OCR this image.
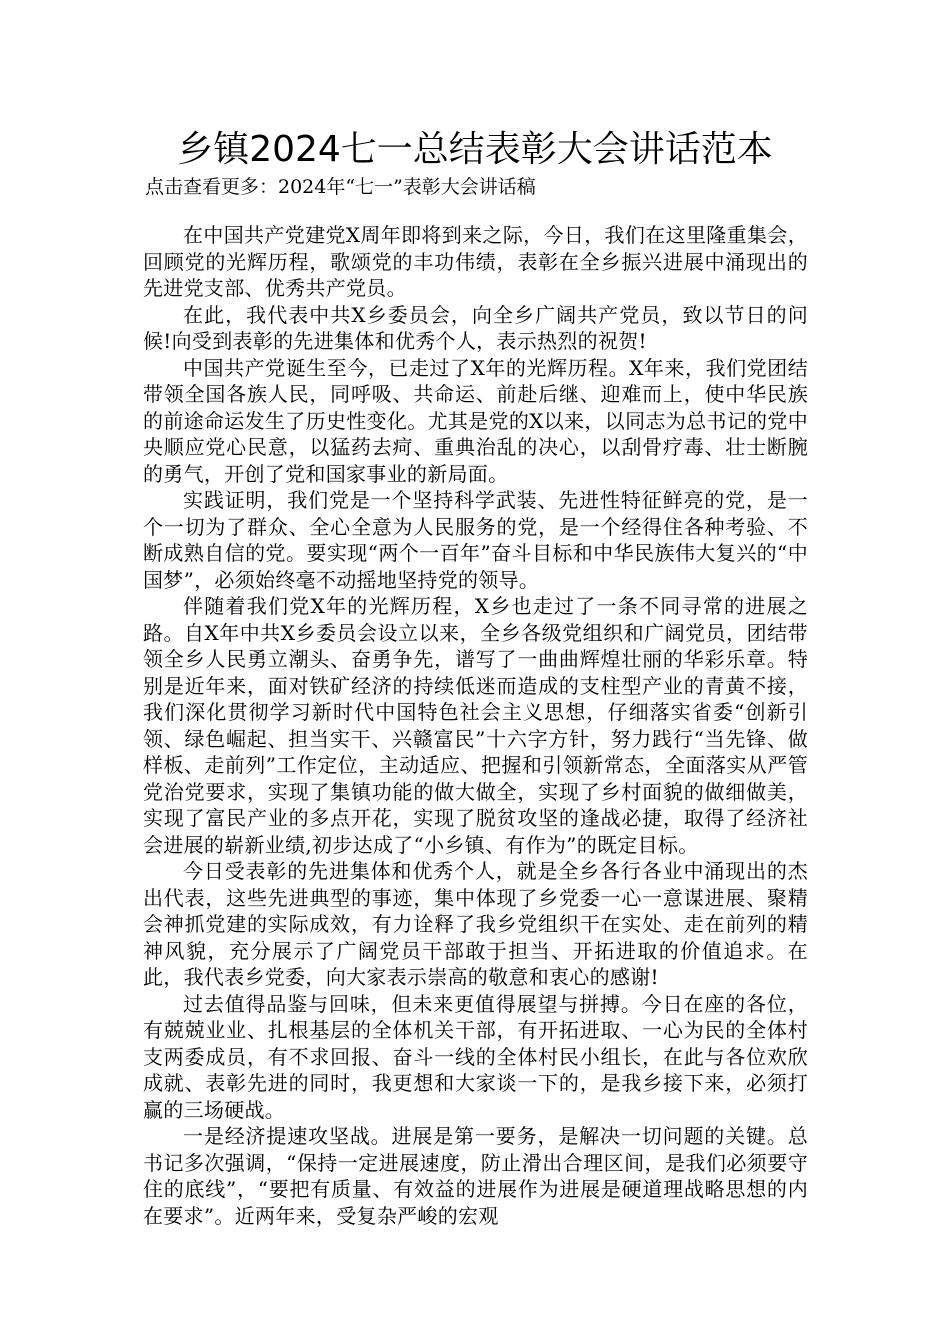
乡镇2024七一总结表彰大会讲话范本
点击查看更多：2024年“七一”表彰大会讲话稿

在中国共产党建党X周年即将到来之际，今日，我们在这里隆重集会，回顾党的光辉历程，歌颂党的丰功伟绩，表彰在全乡振兴进展中涌现出的先进党支部、优秀共产党员。

在此，我代表中共X乡委员会，向全乡广阔共产党员，致以节日的问候!向受到表彰的先进集体和优秀个人，表示热烈的祝贺!

中国共产党诞生至今，已走过了X年的光辉历程。X年来，我们党团结带领全国各族人民，同呼吸、共命运、前赴后继、迎难而上，使中华民族的前途命运发生了历史性变化。尤其是党的X以来，以同志为总书记的党中央顺应党心民意，以猛药去疴、重典治乱的决心，以刮骨疗毒、壮士断腕的勇气，开创了党和国家事业的新局面。

实践证明，我们党是一个坚持科学武装、先进性特征鲜亮的党，是一个一切为了群众、全心全意为人民服务的党，是一个经得住各种考验、不断成熟自信的党。要实现“两个一百年”奋斗目标和中华民族伟大复兴的“中国梦”，必须始终毫不动摇地坚持党的领导。

伴随着我们党X年的光辉历程，X乡也走过了一条不同寻常的进展之路。自X年中共X乡委员会设立以来，全乡各级党组织和广阔党员，团结带领全乡人民勇立潮头、奋勇争先，谱写了一曲曲辉煌壮丽的华彩乐章。特别是近年来，面对铁矿经济的持续低迷而造成的支柱型产业的青黄不接，我们深化贯彻学习新时代中国特色社会主义思想，仔细落实省委“创新引领、绿色崛起、担当实干、兴赣富民”十六字方针，努力践行“当先锋、做样板、走前列”工作定位，主动适应、把握和引领新常态，全面落实从严管党治党要求，实现了集镇功能的做大做全，实现了乡村面貌的做细做美，实现了富民产业的多点开花，实现了脱贫攻坚的逢战必捷，取得了经济社会进展的崭新业绩,初步达成了“小乡镇、有作为”的既定目标。

今日受表彰的先进集体和优秀个人，就是全乡各行各业中涌现出的杰出代表，这些先进典型的事迹，集中体现了乡党委一心一意谋进展、聚精会神抓党建的实际成效，有力诠释了我乡党组织干在实处、走在前列的精神风貌，充分展示了广阔党员干部敢于担当、开拓进取的价值追求。在此，我代表乡党委，向大家表示崇高的敬意和衷心的感谢!

过去值得品鉴与回味，但未来更值得展望与拼搏。今日在座的各位，有兢兢业业、扎根基层的全体机关干部，有开拓进取、一心为民的全体村支两委成员，有不求回报、奋斗一线的全体村民小组长，在此与各位欢欣成就、表彰先进的同时，我更想和大家谈一下的，是我乡接下来，必须打赢的三场硬战。

一是经济提速攻坚战。进展是第一要务，是解决一切问题的关键。总书记多次强调，“保持一定进展速度，防止滑出合理区间，是我们必须要守住的底线”，“要把有质量、有效益的进展作为进展是硬道理战略思想的内在要求”。近两年来，受复杂严峻的宏观
